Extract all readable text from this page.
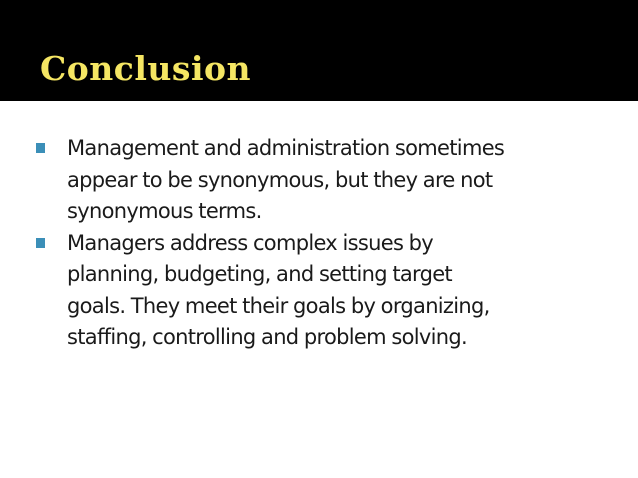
Conclusion
Management and administration sometimes
appear to be synonymous, but they are not
synonymous terms.
Managers address complex issues by
planning, budgeting, and setting target
goals. They meet their goals by organizing,
staffing, controlling and problem solving.
